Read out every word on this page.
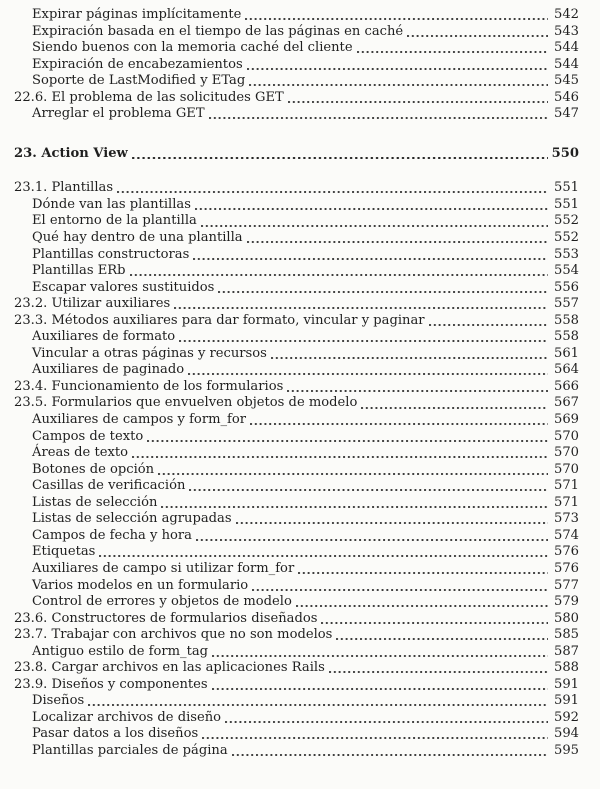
Expirar páginas implícitamente	542
Expiración basada en el tiempo de las páginas en caché	543
Siendo buenos con la memoria caché del cliente	544
Expiración de encabezamientos	544
Soporte de LastModified y ETag	545
22.6. El problema de las solicitudes GET	546
Arreglar el problema GET	547
23. Action View	550
23.1. Plantillas	551
Dónde van las plantillas	551
El entorno de la plantilla	552
Qué hay dentro de una plantilla	552
Plantillas constructoras	553
Plantillas ERb	554
Escapar valores sustituidos	556
23.2. Utilizar auxiliares	557
23.3. Métodos auxiliares para dar formato, vincular y paginar	558
Auxiliares de formato	558
Vincular a otras páginas y recursos	561
Auxiliares de paginado	564
23.4. Funcionamiento de los formularios	566
23.5. Formularios que envuelven objetos de modelo	567
Auxiliares de campos y form_for	569
Campos de texto	570
Áreas de texto	570
Botones de opción	570
Casillas de verificación	571
Listas de selección	571
Listas de selección agrupadas	573
Campos de fecha y hora	574
Etiquetas	576
Auxiliares de campo si utilizar form_for	576
Varios modelos en un formulario	577
Control de errores y objetos de modelo	579
23.6. Constructores de formularios diseñados	580
23.7. Trabajar con archivos que no son modelos	585
Antiguo estilo de form_tag	587
23.8. Cargar archivos en las aplicaciones Rails	588
23.9. Diseños y componentes	591
Diseños	591
Localizar archivos de diseño	592
Pasar datos a los diseños	594
Plantillas parciales de página	595
